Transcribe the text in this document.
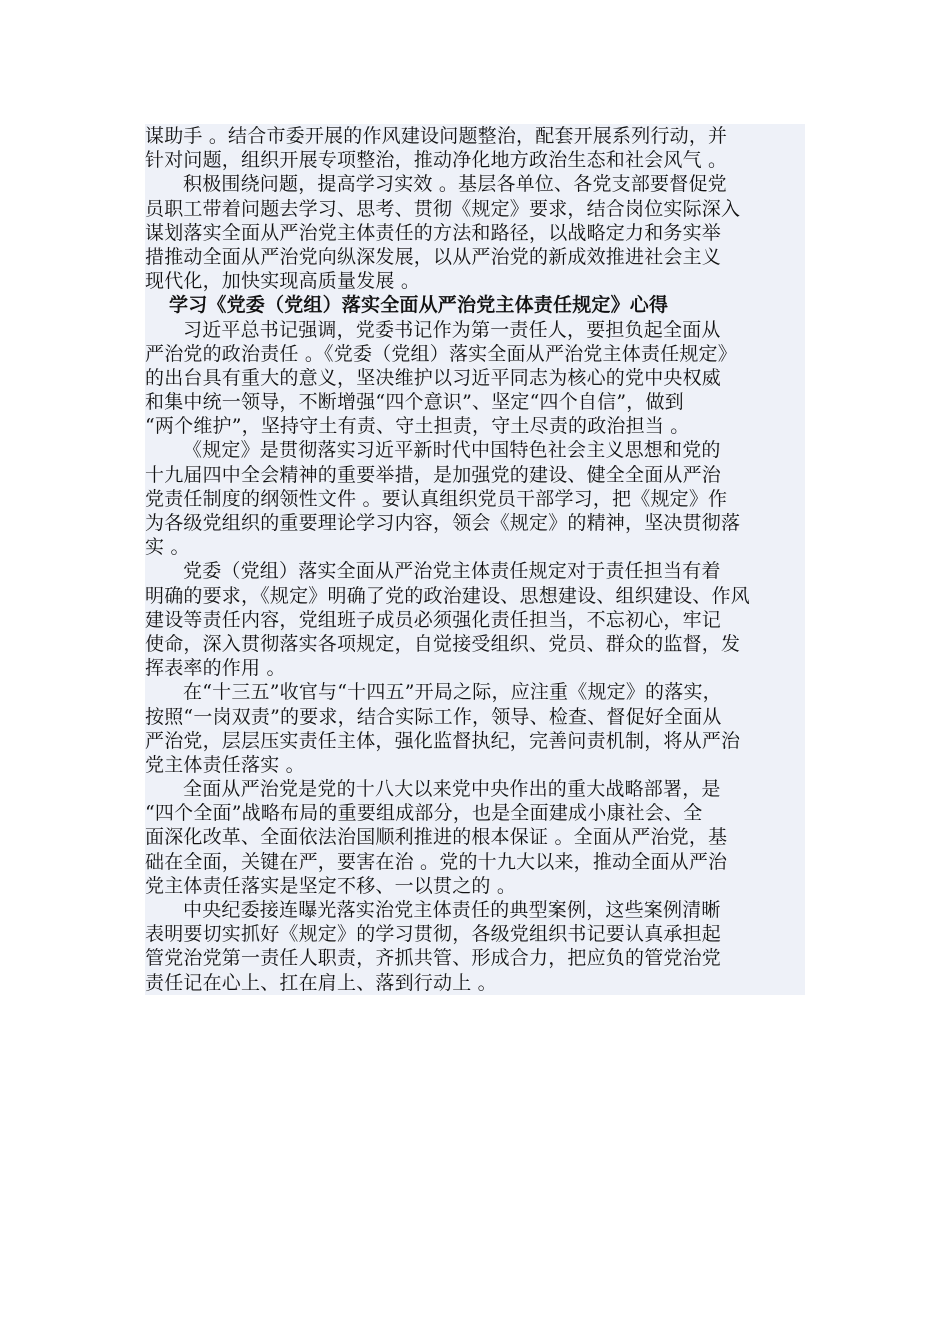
谋助手 。结合市委开展的作风建设问题整治，配套开展系列行动，并
针对问题，组织开展专项整治，推动净化地方政治生态和社会风气 。
积极围绕问题，提高学习实效 。基层各单位、各党支部要督促党
员职工带着问题去学习、思考、贯彻《规定》要求，结合岗位实际深入
谋划落实全面从严治党主体责任的方法和路径，以战略定力和务实举
措推动全面从严治党向纵深发展，以从严治党的新成效推进社会主义
现代化，加快实现高质量发展 。
学习《党委（党组）落实全面从严治党主体责任规定》心得
习近平总书记强调，党委书记作为第一责任人，要担负起全面从
严治党的政治责任 。《党委（党组）落实全面从严治党主体责任规定》
的出台具有重大的意义，坚决维护以习近平同志为核心的党中央权威
和集中统一领导，不断增强“四个意识”、坚定“四个自信”，做到
“两个维护”，坚持守土有责、守土担责，守土尽责的政治担当 。
《规定》是贯彻落实习近平新时代中国特色社会主义思想和党的
十九届四中全会精神的重要举措，是加强党的建设、健全全面从严治
党责任制度的纲领性文件 。要认真组织党员干部学习，把《规定》作
为各级党组织的重要理论学习内容，领会《规定》的精神，坚决贯彻落
实 。
党委（党组）落实全面从严治党主体责任规定对于责任担当有着
明确的要求，《规定》明确了党的政治建设、思想建设、组织建设、作风
建设等责任内容，党组班子成员必须强化责任担当，不忘初心，牢记
使命，深入贯彻落实各项规定，自觉接受组织、党员、群众的监督，发
挥表率的作用 。
在“十三五”收官与“十四五”开局之际，应注重《规定》的落实，
按照“一岗双责”的要求，结合实际工作，领导、检查、督促好全面从
严治党，层层压实责任主体，强化监督执纪，完善问责机制，将从严治
党主体责任落实 。
全面从严治党是党的十八大以来党中央作出的重大战略部署，是
“四个全面”战略布局的重要组成部分，也是全面建成小康社会、全
面深化改革、全面依法治国顺利推进的根本保证 。全面从严治党，基
础在全面，关键在严，要害在治 。党的十九大以来，推动全面从严治
党主体责任落实是坚定不移、一以贯之的 。
中央纪委接连曝光落实治党主体责任的典型案例，这些案例清晰
表明要切实抓好《规定》的学习贯彻，各级党组织书记要认真承担起
管党治党第一责任人职责，齐抓共管、形成合力，把应负的管党治党
责任记在心上、扛在肩上、落到行动上 。
